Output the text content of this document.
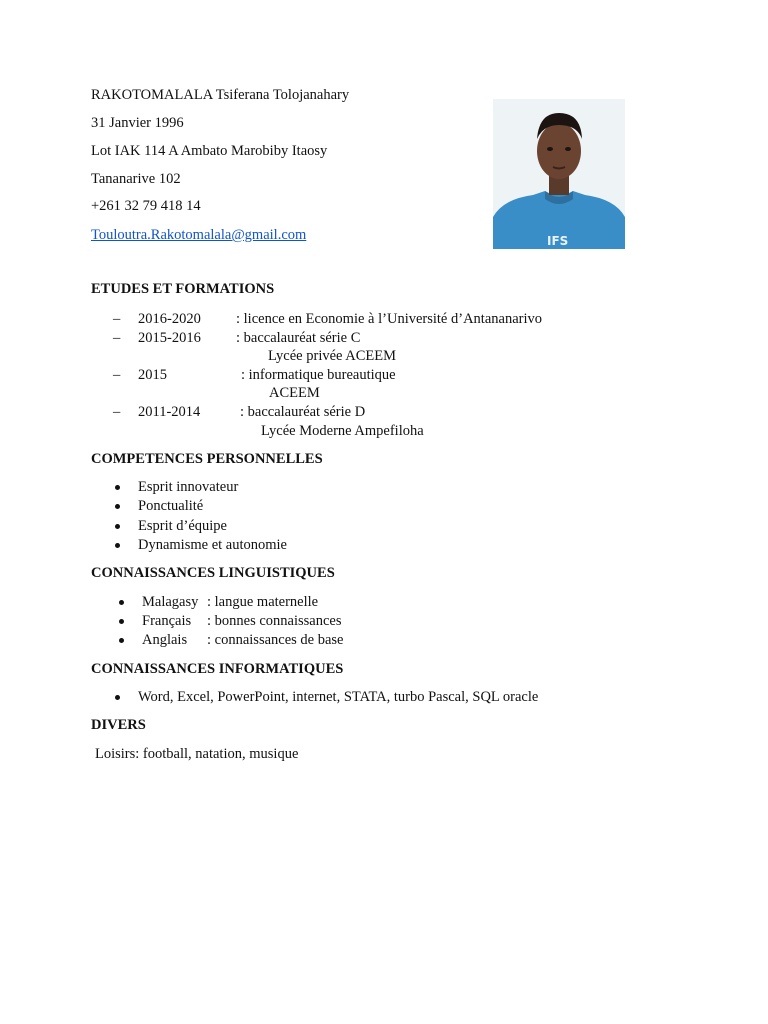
RAKOTOMALALA Tsiferana Tolojanahary
31 Janvier 1996
Lot IAK 114 A Ambato Marobiby Itaosy
Tananarive 102
+261 32 79 418 14
Touloutra.Rakotomalala@gmail.com	IFS
ETUDES ET FORMATIONS
– 2016-2020 : licence en Economie à l’Université d’Antananarivo
– 2015-2016 : baccalauréat série C
Lycée privée ACEEM
– 2015	: informatique bureautique
ACEEM
– 2011-2014	: baccalauréat série D
Lycée Moderne Ampefiloha
COMPETENCES PERSONNELLES
Esprit innovateur
Ponctualité
Esprit d’équipe
Dynamisme et autonomie
CONNAISSANCES LINGUISTIQUES
Malagasy : langue maternelle
Français : bonnes connaissances
Anglais : connaissances de base
CONNAISSANCES INFORMATIQUES
Word, Excel, PowerPoint, internet, STATA, turbo Pascal, SQL oracle
DIVERS
Loisirs: football, natation, musique
